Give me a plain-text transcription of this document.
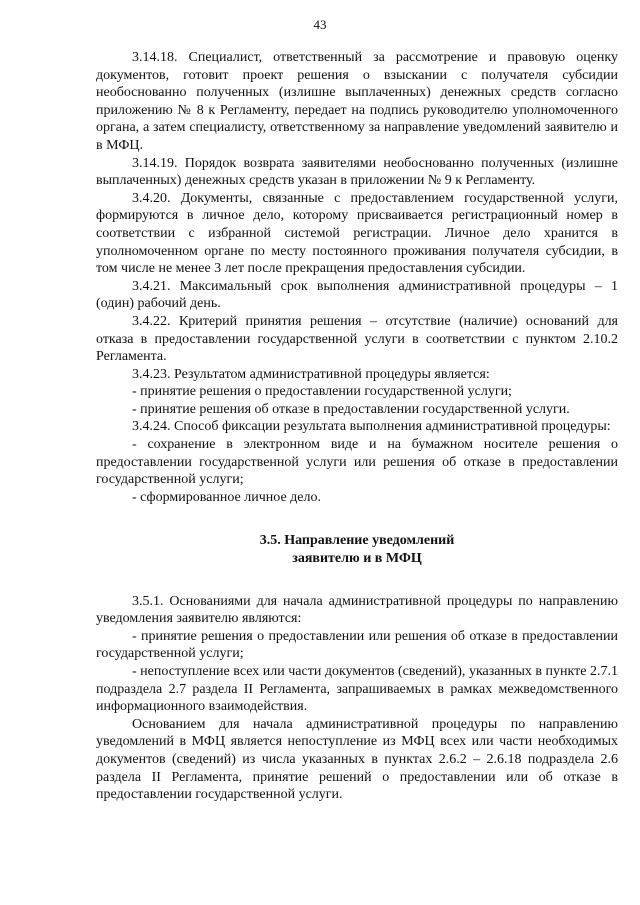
43

3.14.18. Специалист, ответственный за рассмотрение и правовую оценку документов, готовит проект решения о взыскании с получателя субсидии необоснованно полученных (излишне выплаченных) денежных средств согласно приложению № 8 к Регламенту, передает на подпись руководителю уполномоченного органа, а затем специалисту, ответственному за направление уведомлений заявителю и в МФЦ.

3.14.19. Порядок возврата заявителями необоснованно полученных (излишне выплаченных) денежных средств указан в приложении № 9 к Регламенту.

3.4.20. Документы, связанные с предоставлением государственной услуги, формируются в личное дело, которому присваивается регистрационный номер в соответствии с избранной системой регистрации. Личное дело хранится в уполномоченном органе по месту постоянного проживания получателя субсидии, в том числе не менее 3 лет после прекращения предоставления субсидии.

3.4.21. Максимальный срок выполнения административной процедуры – 1 (один) рабочий день.

3.4.22. Критерий принятия решения – отсутствие (наличие) оснований для отказа в предоставлении государственной услуги в соответствии с пунктом 2.10.2 Регламента.

3.4.23. Результатом административной процедуры является:

- принятие решения о предоставлении государственной услуги;

- принятие решения об отказе в предоставлении государственной услуги.

3.4.24. Способ фиксации результата выполнения административной процедуры:

- сохранение в электронном виде и на бумажном носителе решения о предоставлении государственной услуги или решения об отказе в предоставлении государственной услуги;

- сформированное личное дело.

3.5. Направление уведомлений
заявителю и в МФЦ

3.5.1. Основаниями для начала административной процедуры по направлению уведомления заявителю являются:

- принятие решения о предоставлении или решения об отказе в предоставлении государственной услуги;

- непоступление всех или части документов (сведений), указанных в пункте 2.7.1 подраздела 2.7 раздела II Регламента, запрашиваемых в рамках межведомственного информационного взаимодействия.

Основанием для начала административной процедуры по направлению уведомлений в МФЦ является непоступление из МФЦ всех или части необходимых документов (сведений) из числа указанных в пунктах 2.6.2 – 2.6.18 подраздела 2.6 раздела II Регламента, принятие решений о предоставлении или об отказе в предоставлении государственной услуги.
